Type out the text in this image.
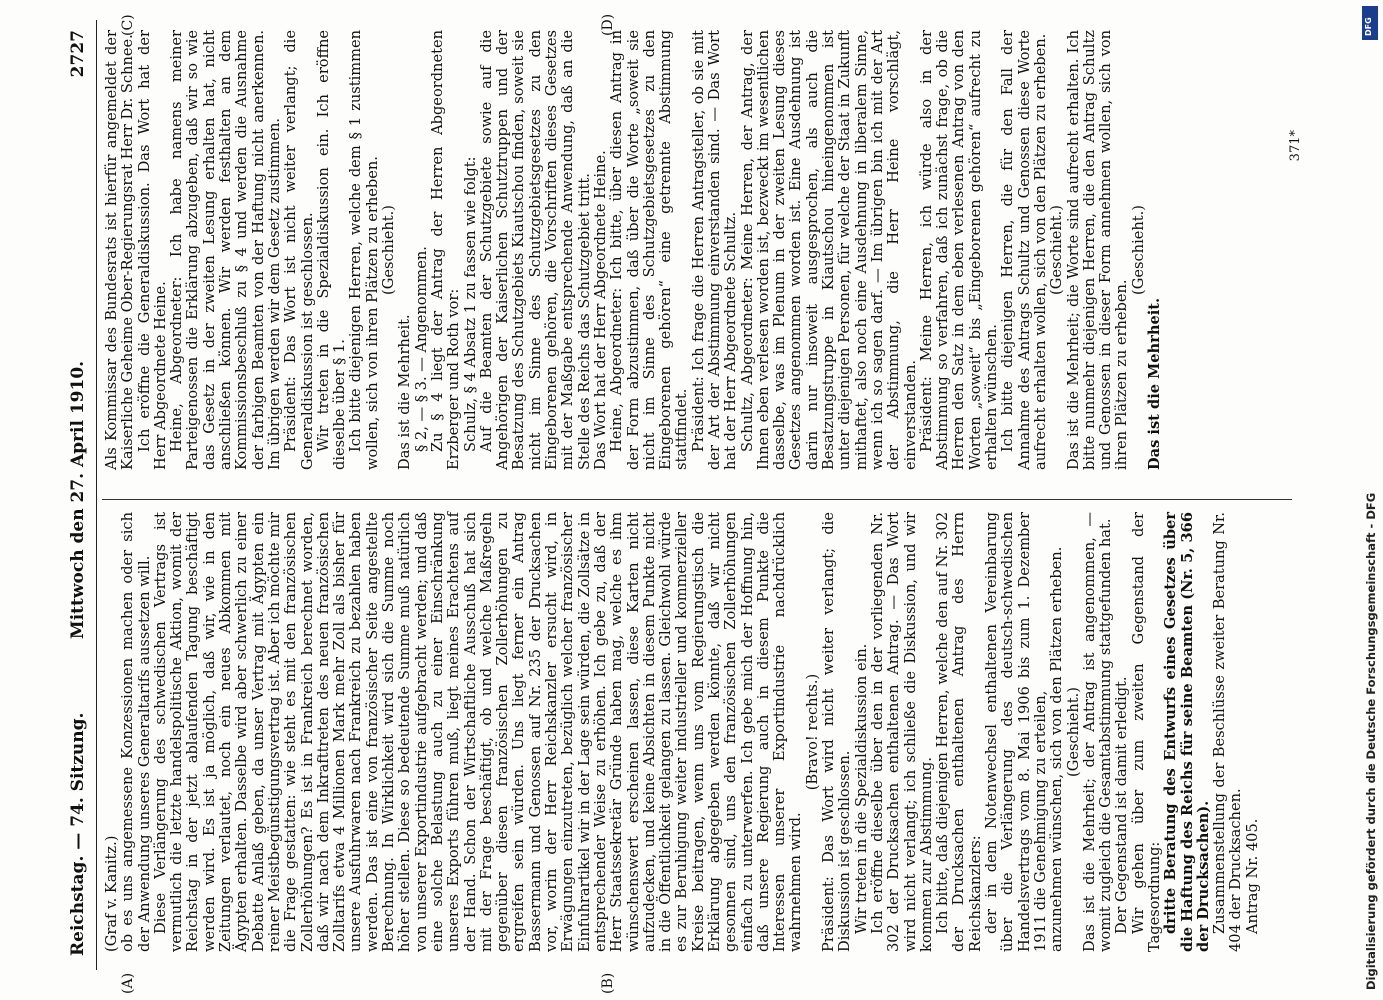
Reichstag. — 74. Sitzung.
Mittwoch den 27. April 1910.
2727
(A)	(B)
(C)	(D)

(Graf v. Kanitz.) ob es uns angemessene Konzessionen machen oder sich der Anwendung unseres Generaltarifs aussetzen will. Diese Verlängerung des schwedischen Vertrags ist vermutlich die letzte handelspolitische Aktion, womit der Reichstag in der jetzt ablaufenden Tagung beschäftigt werden wird. Es ist ja möglich, daß wir, wie in den Zeitungen verlautet, noch ein neues Abkommen mit Ägypten erhalten. Dasselbe wird aber schwerlich zu einer Debatte Anlaß geben, da unser Vertrag mit Ägypten ein reiner Meistbegünstigungsvertrag ist. Aber ich möchte mir die Frage gestatten: wie steht es mit den französischen Zollerhöhungen? Es ist in Frankreich berechnet worden, daß wir nach dem Inkrafttreten des neuen französischen Zolltarifs etwa 4 Millionen Mark mehr Zoll als bisher für unsere Ausfuhrwaren nach Frankreich zu bezahlen haben werden. Das ist eine von französischer Seite angestellte Berechnung. In Wirklichkeit wird sich die Summe noch höher stellen. Diese so bedeutende Summe muß natürlich von unserer Exportindustrie aufgebracht werden; und daß eine solche Belastung auch zu einer Einschränkung unseres Exports führen muß, liegt meines Erachtens auf der Hand. Schon der Wirtschaftliche Ausschuß hat sich mit der Frage beschäftigt, ob und welche Maßregeln gegenüber diesen französischen Zollerhöhungen zu ergreifen sein würden. Uns liegt ferner ein Antrag Bassermann und Genossen auf Nr. 235 der Drucksachen vor, worin der Herr Reichskanzler ersucht wird, in Erwägungen einzutreten, bezüglich welcher französischer Einfuhrartikel wir in der Lage sein würden, die Zollsätze in entsprechender Weise zu erhöhen. Ich gebe zu, daß der Herr Staatssekretär Gründe haben mag, welche es ihm wünschenswert erscheinen lassen, diese Karten nicht aufzudecken, und keine Absichten in diesem Punkte nicht in die Öffentlichkeit gelangen zu lassen. Gleichwohl würde es zur Beruhigung weiter industrieller und kommerzieller Kreise beitragen, wenn uns vom Regierungstisch die Erklärung abgegeben werden könnte, daß wir nicht gesonnen sind, uns den französischen Zollerhöhungen einfach zu unterwerfen. Ich gebe mich der Hoffnung hin, daß unsere Regierung auch in diesem Punkte die Interessen unserer Exportindustrie nachdrücklich wahrnehmen wird.

(Bravo! rechts.) Präsident: Das Wort wird nicht weiter verlangt; die Diskussion ist geschlossen. Wir treten in die Spezialdiskussion ein. Ich eröffne dieselbe über den in der vorliegenden Nr. 302 der Drucksachen enthaltenen Antrag. — Das Wort wird nicht verlangt; ich schließe die Diskussion, und wir kommen zur Abstimmung. Ich bitte, daß diejenigen Herren, welche den auf Nr. 302 der Drucksachen enthaltenen Antrag des Herrn Reichskanzlers: der in dem Notenwechsel enthaltenen Vereinbarung über die Verlängerung des deutsch-schwedischen Handelsvertrags vom 8. Mai 1906 bis zum 1. Dezember 1911 die Genehmigung zu erteilen, anzunehmen wünschen, sich von den Plätzen erheben. (Geschieht.) Das ist die Mehrheit; der Antrag ist angenommen, — womit zugleich die Gesamtabstimmung stattgefunden hat. Der Gegenstand ist damit erledigt. Wir gehen über zum zweiten Gegenstand der Tagesordnung: dritte Beratung des Entwurfs eines Gesetzes über die Haftung des Reichs für seine Beamten (Nr. 5, 366 der Drucksachen). Zusammenstellung der Beschlüsse zweiter Beratung Nr. 404 der Drucksachen. Antrag Nr. 405.

Als Kommissar des Bundesrats ist hierfür angemeldet der Kaiserliche Geheime Ober-Regierungsrat Herr Dr. Schnee. Ich eröffne die Generaldiskussion. Das Wort hat der Herr Abgeordnete Heine. Heine, Abgeordneter: Ich habe namens meiner Parteigenossen die Erklärung abzugeben, daß wir so wie das Gesetz in der zweiten Lesung erhalten hat, nicht anschließen können. Wir werden festhalten an dem Kommissionsbeschluß zu § 4 und werden die Ausnahme der farbigen Beamten von der Haftung nicht anerkennen. Im übrigen werden wir dem Gesetz zustimmen. Präsident: Das Wort ist nicht weiter verlangt; die Generaldiskussion ist geschlossen. Wir treten in die Spezialdiskussion ein. Ich eröffne dieselbe über § 1. Ich bitte diejenigen Herren, welche dem § 1 zustimmen wollen, sich von ihren Plätzen zu erheben. (Geschieht.)

Das ist die Mehrheit. § 2, — § 3. — Angenommen. Zu § 4 liegt der Antrag der Herren Abgeordneten Erzberger und Roth vor: Schulz, § 4 Absatz 1 zu fassen wie folgt: Auf die Beamten der Schutzgebiete sowie auf die Angehörigen der Kaiserlichen Schutztruppen und der Besatzung des Schutzgebiets Kiautschou finden, soweit sie nicht im Sinne des Schutzgebietsgesetzes zu den Eingeborenen gehören, die Vorschriften dieses Gesetzes mit der Maßgabe entsprechende Anwendung, daß an die Stelle des Reichs das Schutzgebiet tritt. Das Wort hat der Herr Abgeordnete Heine. Heine, Abgeordneter: Ich bitte, über diesen Antrag in der Form abzustimmen, daß über die Worte „soweit sie nicht im Sinne des Schutzgebietsgesetzes zu den Eingeborenen gehören“ eine getrennte Abstimmung stattfindet. Präsident: Ich frage die Herren Antragsteller, ob sie mit der Art der Abstimmung einverstanden sind. — Das Wort hat der Herr Abgeordnete Schultz. Schultz, Abgeordneter: Meine Herren, der Antrag, der Ihnen eben verlesen worden ist, bezweckt im wesentlichen dasselbe, was im Plenum in der zweiten Lesung dieses Gesetzes angenommen worden ist. Eine Ausdehnung ist darin nur insoweit ausgesprochen, als auch die Besatzungstruppe in Kiautschou hineingenommen ist unter diejenigen Personen, für welche der Staat in Zukunft mithaftet, also noch eine Ausdehnung in liberalem Sinne, wenn ich so sagen darf. — Im übrigen bin ich mit der Art der Abstimmung, die Herr Heine vorschlägt, einverstanden. Präsident: Meine Herren, ich würde also in der Abstimmung so verfahren, daß ich zunächst frage, ob die Herren den Satz in dem eben verlesenen Antrag von den Worten „soweit“ bis „Eingeborenen gehören“ aufrecht zu erhalten wünschen. Ich bitte diejenigen Herren, die für den Fall der Annahme des Antrags Schultz und Genossen diese Worte aufrecht erhalten wollen, sich von den Plätzen zu erheben. (Geschieht.) Das ist die Mehrheit; die Worte sind aufrecht erhalten. Ich bitte nunmehr diejenigen Herren, die den Antrag Schultz und Genossen in dieser Form annehmen wollen, sich von ihren Plätzen zu erheben.

(Geschieht.)

Das ist die Mehrheit.

371*
DFG
Digitalisierung gefördert durch die Deutsche Forschungsgemeinschaft - DFG
